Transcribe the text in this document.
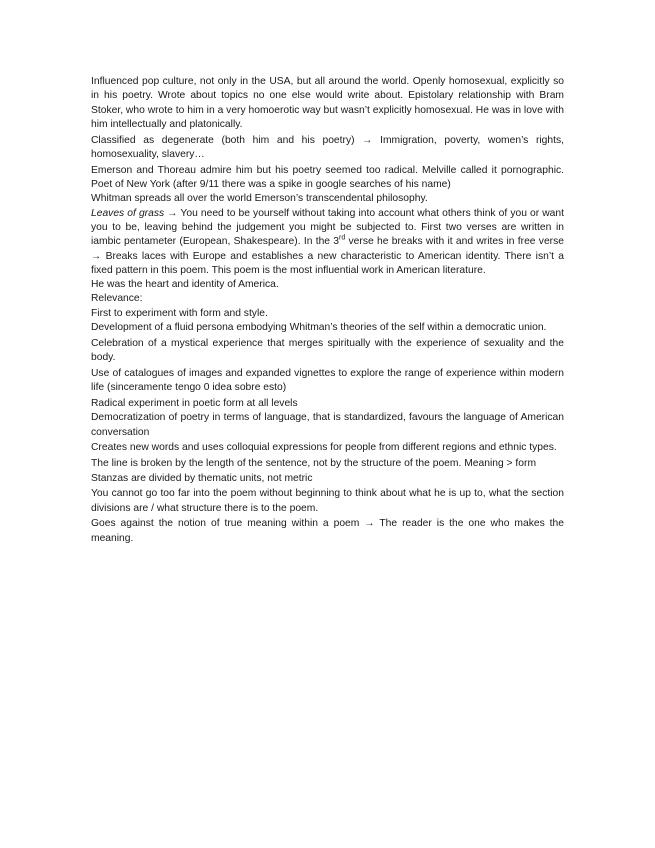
Influenced pop culture, not only in the USA, but all around the world. Openly homosexual, explicitly so in his poetry. Wrote about topics no one else would write about. Epistolary relationship with Bram Stoker, who wrote to him in a very homoerotic way but wasn’t explicitly homosexual. He was in love with him intellectually and platonically.

Classified as degenerate (both him and his poetry) → Immigration, poverty, women’s rights, homosexuality, slavery…

Emerson and Thoreau admire him but his poetry seemed too radical. Melville called it pornographic. Poet of New York (after 9/11 there was a spike in google searches of his name)

Whitman spreads all over the world Emerson’s transcendental philosophy.

Leaves of grass → You need to be yourself without taking into account what others think of you or want you to be, leaving behind the judgement you might be subjected to. First two verses are written in iambic pentameter (European, Shakespeare). In the 3rd verse he breaks with it and writes in free verse → Breaks laces with Europe and establishes a new characteristic to American identity. There isn’t a fixed pattern in this poem. This poem is the most influential work in American literature.

He was the heart and identity of America.

Relevance:

First to experiment with form and style.

Development of a fluid persona embodying Whitman’s theories of the self within a democratic union.

Celebration of a mystical experience that merges spiritually with the experience of sexuality and the body.

Use of catalogues of images and expanded vignettes to explore the range of experience within modern life (sinceramente tengo 0 idea sobre esto)

Radical experiment in poetic form at all levels

Democratization of poetry in terms of language, that is standardized, favours the language of American conversation

Creates new words and uses colloquial expressions for people from different regions and ethnic types.

The line is broken by the length of the sentence, not by the structure of the poem. Meaning > form

Stanzas are divided by thematic units, not metric

You cannot go too far into the poem without beginning to think about what he is up to, what the section divisions are / what structure there is to the poem.

Goes against the notion of true meaning within a poem → The reader is the one who makes the meaning.
